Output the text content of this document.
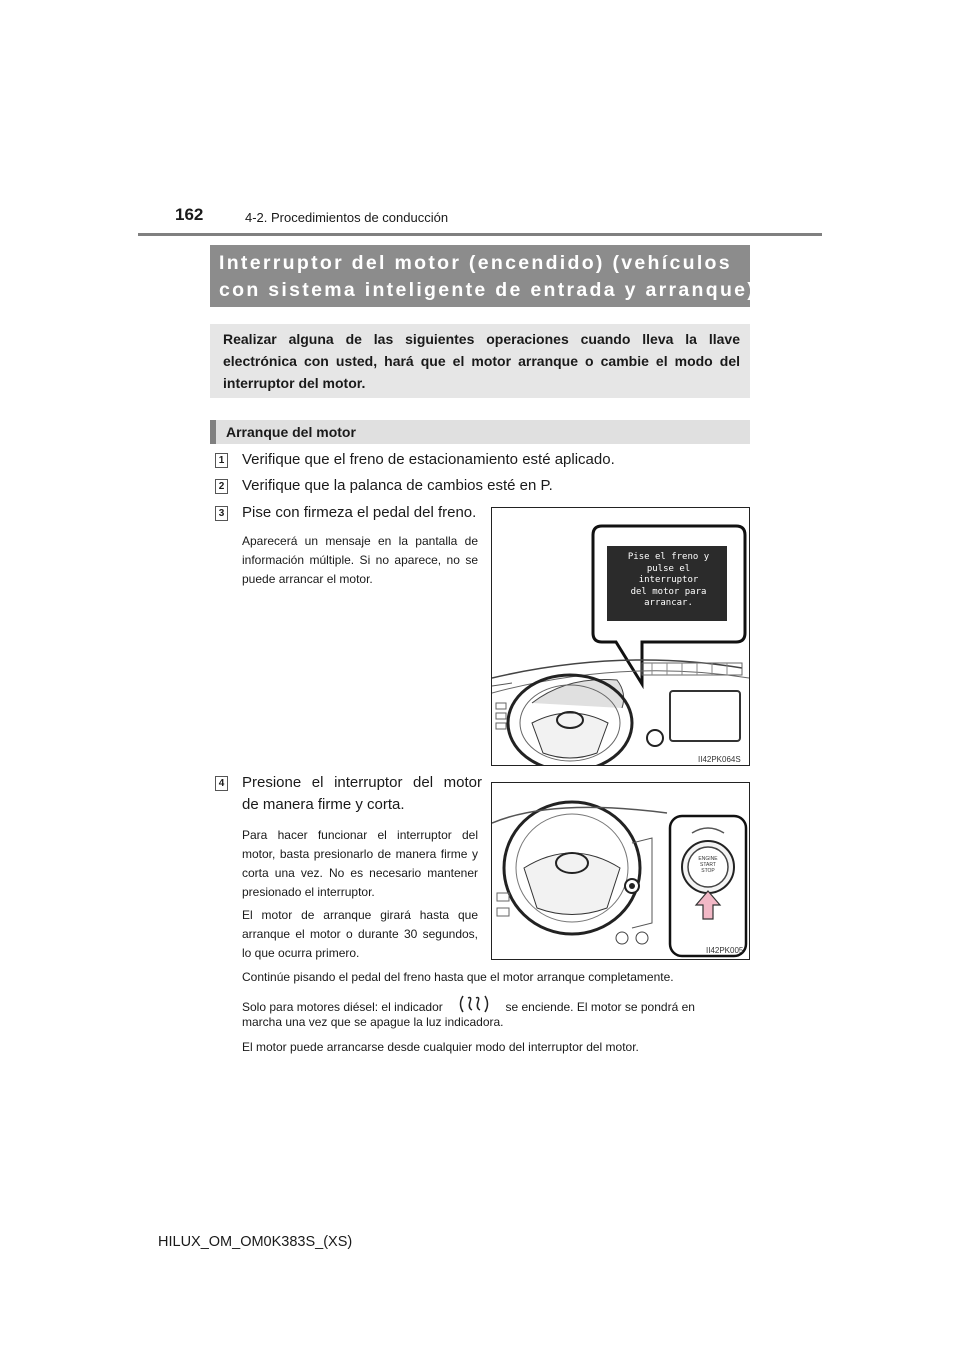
162	4-2. Procedimientos de conducción
Interruptor del motor (encendido) (vehículos
con sistema inteligente de entrada y arranque)
Realizar alguna de las siguientes operaciones cuando lleva la llave electrónica con usted, hará que el motor arranque o cambie el modo del interruptor del motor.
Arranque del motor
1 Verifique que el freno de estacionamiento esté aplicado.
2 Verifique que la palanca de cambios esté en P.
3 Pise con firmeza el pedal del freno.
Aparecerá un mensaje en la pantalla de información múltiple. Si no aparece, no se puede arrancar el motor.
Pise el freno y
pulse el
interruptor
del motor para
arrancar.
II42PK064S
4 Presione el interruptor del motor
de manera firme y corta.
Para hacer funcionar el interruptor del motor, basta presionarlo de manera firme y corta una vez. No es necesario mantener presionado el interruptor.
El motor de arranque girará hasta que arranque el motor o durante 30 segundos, lo que ocurra primero.
ENGINE
START
STOP
II42PK005
Continúe pisando el pedal del freno hasta que el motor arranque completamente.
Solo para motores diésel: el indicador	se enciende. El motor se pondrá en
marcha una vez que se apague la luz indicadora.
El motor puede arrancarse desde cualquier modo del interruptor del motor.
HILUX_OM_OM0K383S_(XS)
